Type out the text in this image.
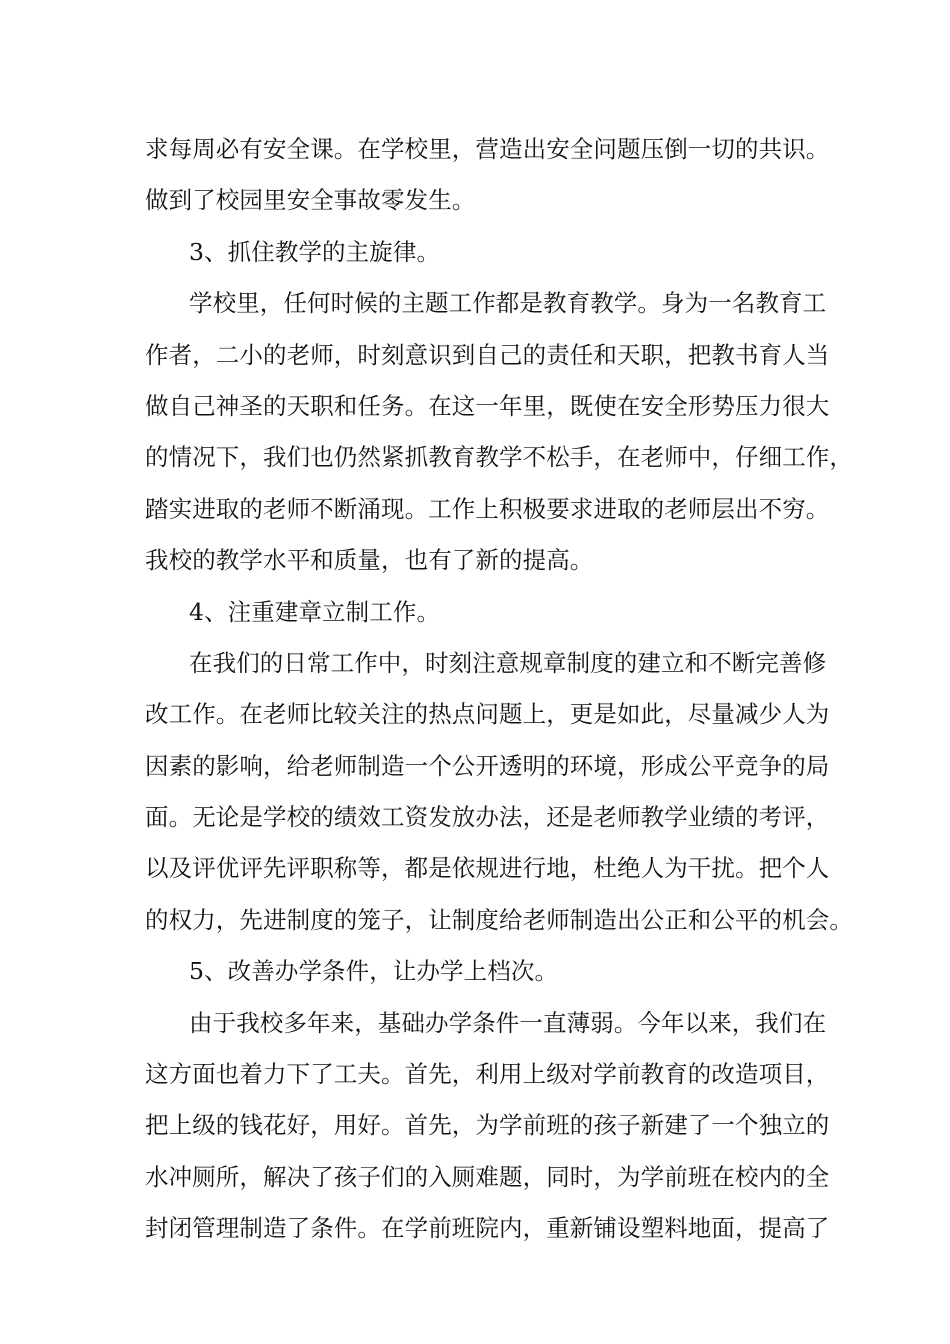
求每周必有安全课。在学校里，营造出安全问题压倒一切的共识。
做到了校园里安全事故零发生。
3、抓住教学的主旋律。
学校里，任何时候的主题工作都是教育教学。身为一名教育工
作者，二小的老师，时刻意识到自己的责任和天职，把教书育人当
做自己神圣的天职和任务。在这一年里，既使在安全形势压力很大
的情况下，我们也仍然紧抓教育教学不松手，在老师中，仔细工作，
踏实进取的老师不断涌现。工作上积极要求进取的老师层出不穷。
我校的教学水平和质量，也有了新的提高。
4、注重建章立制工作。
在我们的日常工作中，时刻注意规章制度的建立和不断完善修
改工作。在老师比较关注的热点问题上，更是如此，尽量减少人为
因素的影响，给老师制造一个公开透明的环境，形成公平竞争的局
面。无论是学校的绩效工资发放办法，还是老师教学业绩的考评，
以及评优评先评职称等，都是依规进行地，杜绝人为干扰。把个人
的权力，先进制度的笼子，让制度给老师制造出公正和公平的机会。
5、改善办学条件，让办学上档次。
由于我校多年来，基础办学条件一直薄弱。今年以来，我们在
这方面也着力下了工夫。首先，利用上级对学前教育的改造项目，
把上级的钱花好，用好。首先，为学前班的孩子新建了一个独立的
水冲厕所，解决了孩子们的入厕难题，同时，为学前班在校内的全
封闭管理制造了条件。在学前班院内，重新铺设塑料地面，提高了
